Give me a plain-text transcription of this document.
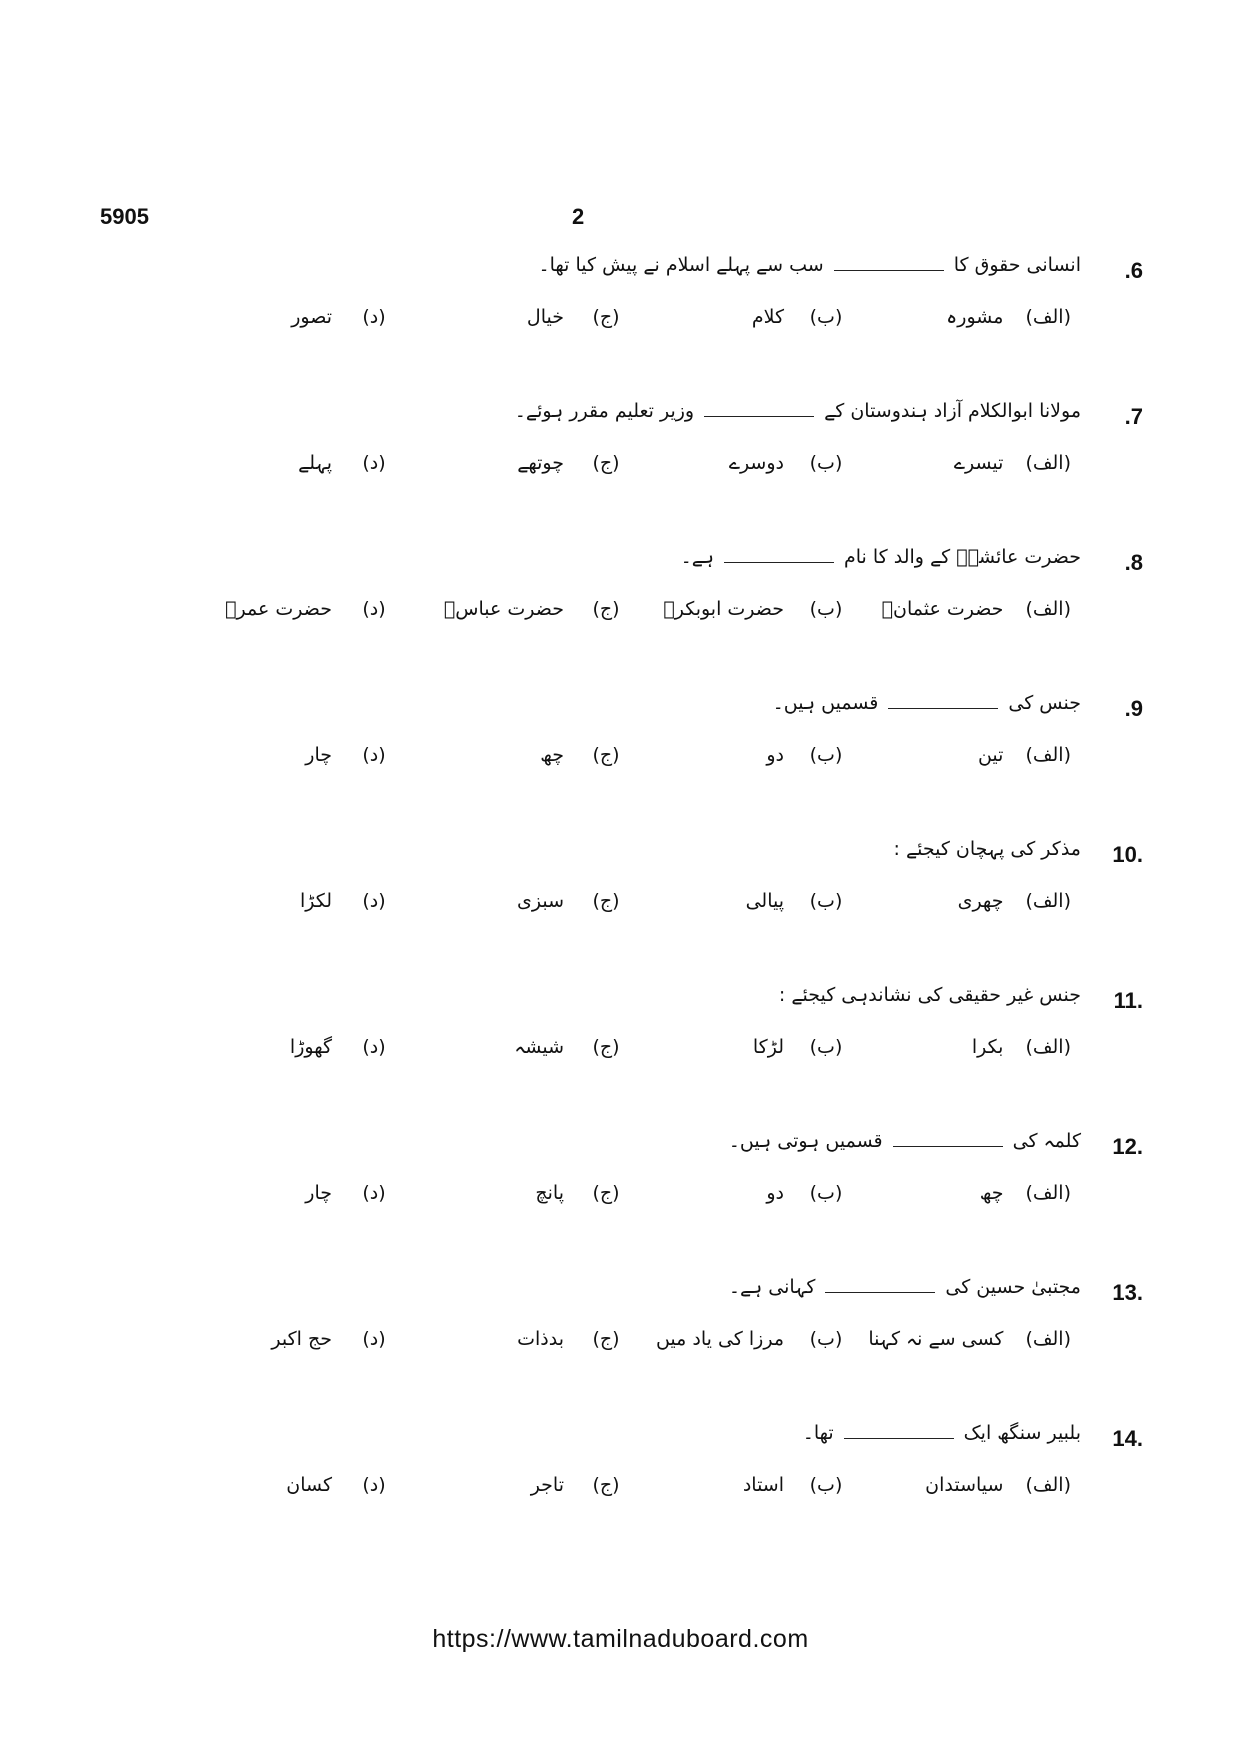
5905	2
.6
انسانی حقوق کاسب سے پہلے اسلام نے پیش کیا تھا۔
(الف)
مشورہ
(ب)
کلام
(ج)
خیال
(د)
تصور
.7
مولانا ابوالکلام آزاد ہندوستان کےوزیر تعلیم مقرر ہوئے۔
(الف)
تیسرے
(ب)
دوسرے
(ج)
چوتھے
(د)
پہلے
.8
حضرت عائشہؓ کے والد کا نامہے۔
(الف)
حضرت عثمانؓ
(ب)
حضرت ابوبکرؓ
(ج)
حضرت عباسؓ
(د)
حضرت عمرؓ
.9
جنس کیقسمیں ہیں۔
(الف)
تین
(ب)
دو
(ج)
چھ
(د)
چار
10.
مذکر کی پہچان کیجئے :
(الف)
چھری
(ب)
پیالی
(ج)
سبزی
(د)
لکڑا
11.
جنس غیر حقیقی کی نشاندہی کیجئے :
(الف)
بکرا
(ب)
لڑکا
(ج)
شیشہ
(د)
گھوڑا
12.
کلمہ کیقسمیں ہوتی ہیں۔
(الف)
چھ
(ب)
دو
(ج)
پانچ
(د)
چار
13.
مجتبیٰ حسین کیکہانی ہے۔
(الف)
کسی سے نہ کہنا
(ب)
مرزا کی یاد میں
(ج)
بدذات
(د)
حج اکبر
14.
بلبیر سنگھ ایکتھا۔
(الف)
سیاستدان
(ب)
استاد
(ج)
تاجر
(د)
کسان
https://www.tamilnaduboard.com
